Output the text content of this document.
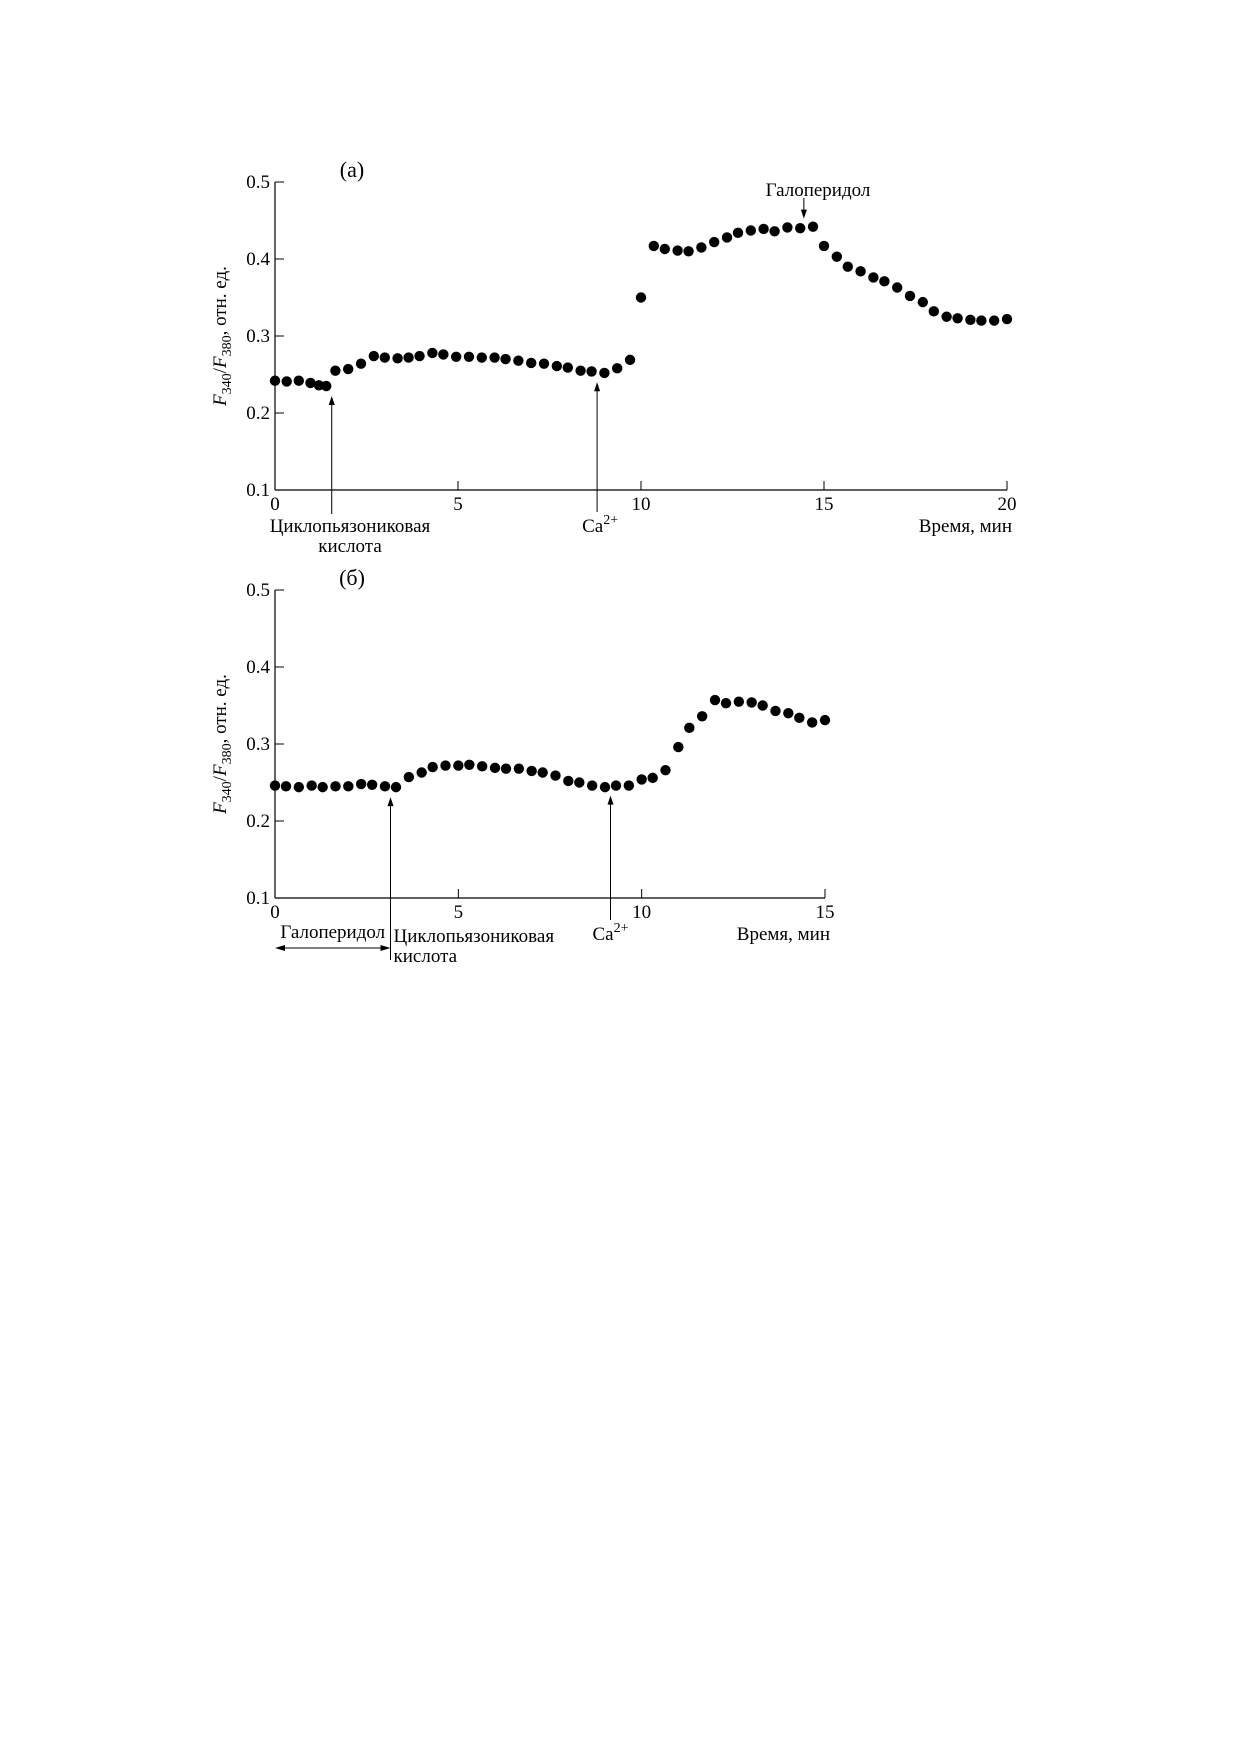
0.1
0.2
0.3
0.4
0.5
0	5	10	15	20
(а)
$F_{340}/F_{380}$, отн. ед.
Время, мин
Циклопьязониковая
кислота
$Ca^{2+}$
Галоперидол
0.1
0.2
0.3
0.4
0.5
0	5	10	15
(б)
$F_{340}/F_{380}$, отн. ед.
Время, мин
Галоперидол Циклопьязониковая
кислота
$Ca^{2+}$
